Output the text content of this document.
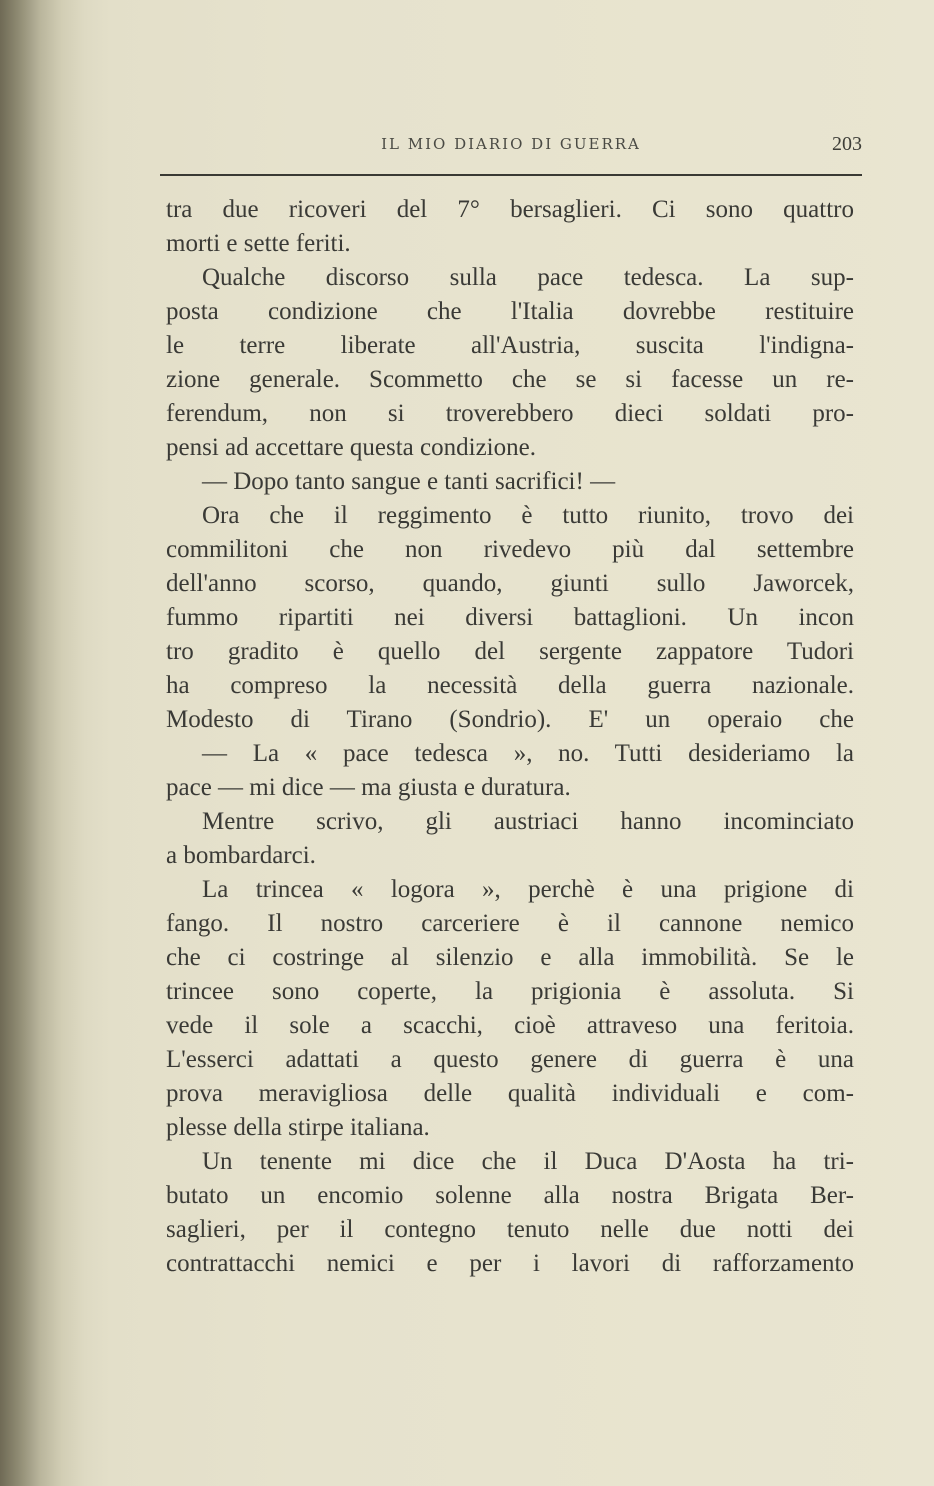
IL MIO DIARIO DI GUERRA	203
tra due ricoveri del 7° bersaglieri. Ci sono quattro
morti e sette feriti.
Qualche discorso sulla pace tedesca. La sup-
posta condizione che l'Italia dovrebbe restituire
le terre liberate all'Austria, suscita l'indigna-
zione generale. Scommetto che se si facesse un re-
ferendum, non si troverebbero dieci soldati pro-
pensi ad accettare questa condizione.
— Dopo tanto sangue e tanti sacrifici! —
Ora che il reggimento è tutto riunito, trovo dei
commilitoni che non rivedevo più dal settembre
dell'anno scorso, quando, giunti sullo Jaworcek,
fummo ripartiti nei diversi battaglioni. Un incon
tro gradito è quello del sergente zappatore Tudori
ha compreso la necessità della guerra nazionale.
Modesto di Tirano (Sondrio). E' un operaio che
— La « pace tedesca », no. Tutti desideriamo la
pace — mi dice — ma giusta e duratura.
Mentre scrivo, gli austriaci hanno incominciato
a bombardarci.
La trincea « logora », perchè è una prigione di
fango. Il nostro carceriere è il cannone nemico
che ci costringe al silenzio e alla immobilità. Se le
trincee sono coperte, la prigionia è assoluta. Si
vede il sole a scacchi, cioè attraveso una feritoia.
L'esserci adattati a questo genere di guerra è una
prova meravigliosa delle qualità individuali e com-
plesse della stirpe italiana.
Un tenente mi dice che il Duca D'Aosta ha tri-
butato un encomio solenne alla nostra Brigata Ber-
saglieri, per il contegno tenuto nelle due notti dei
contrattacchi nemici e per i lavori di rafforzamento
